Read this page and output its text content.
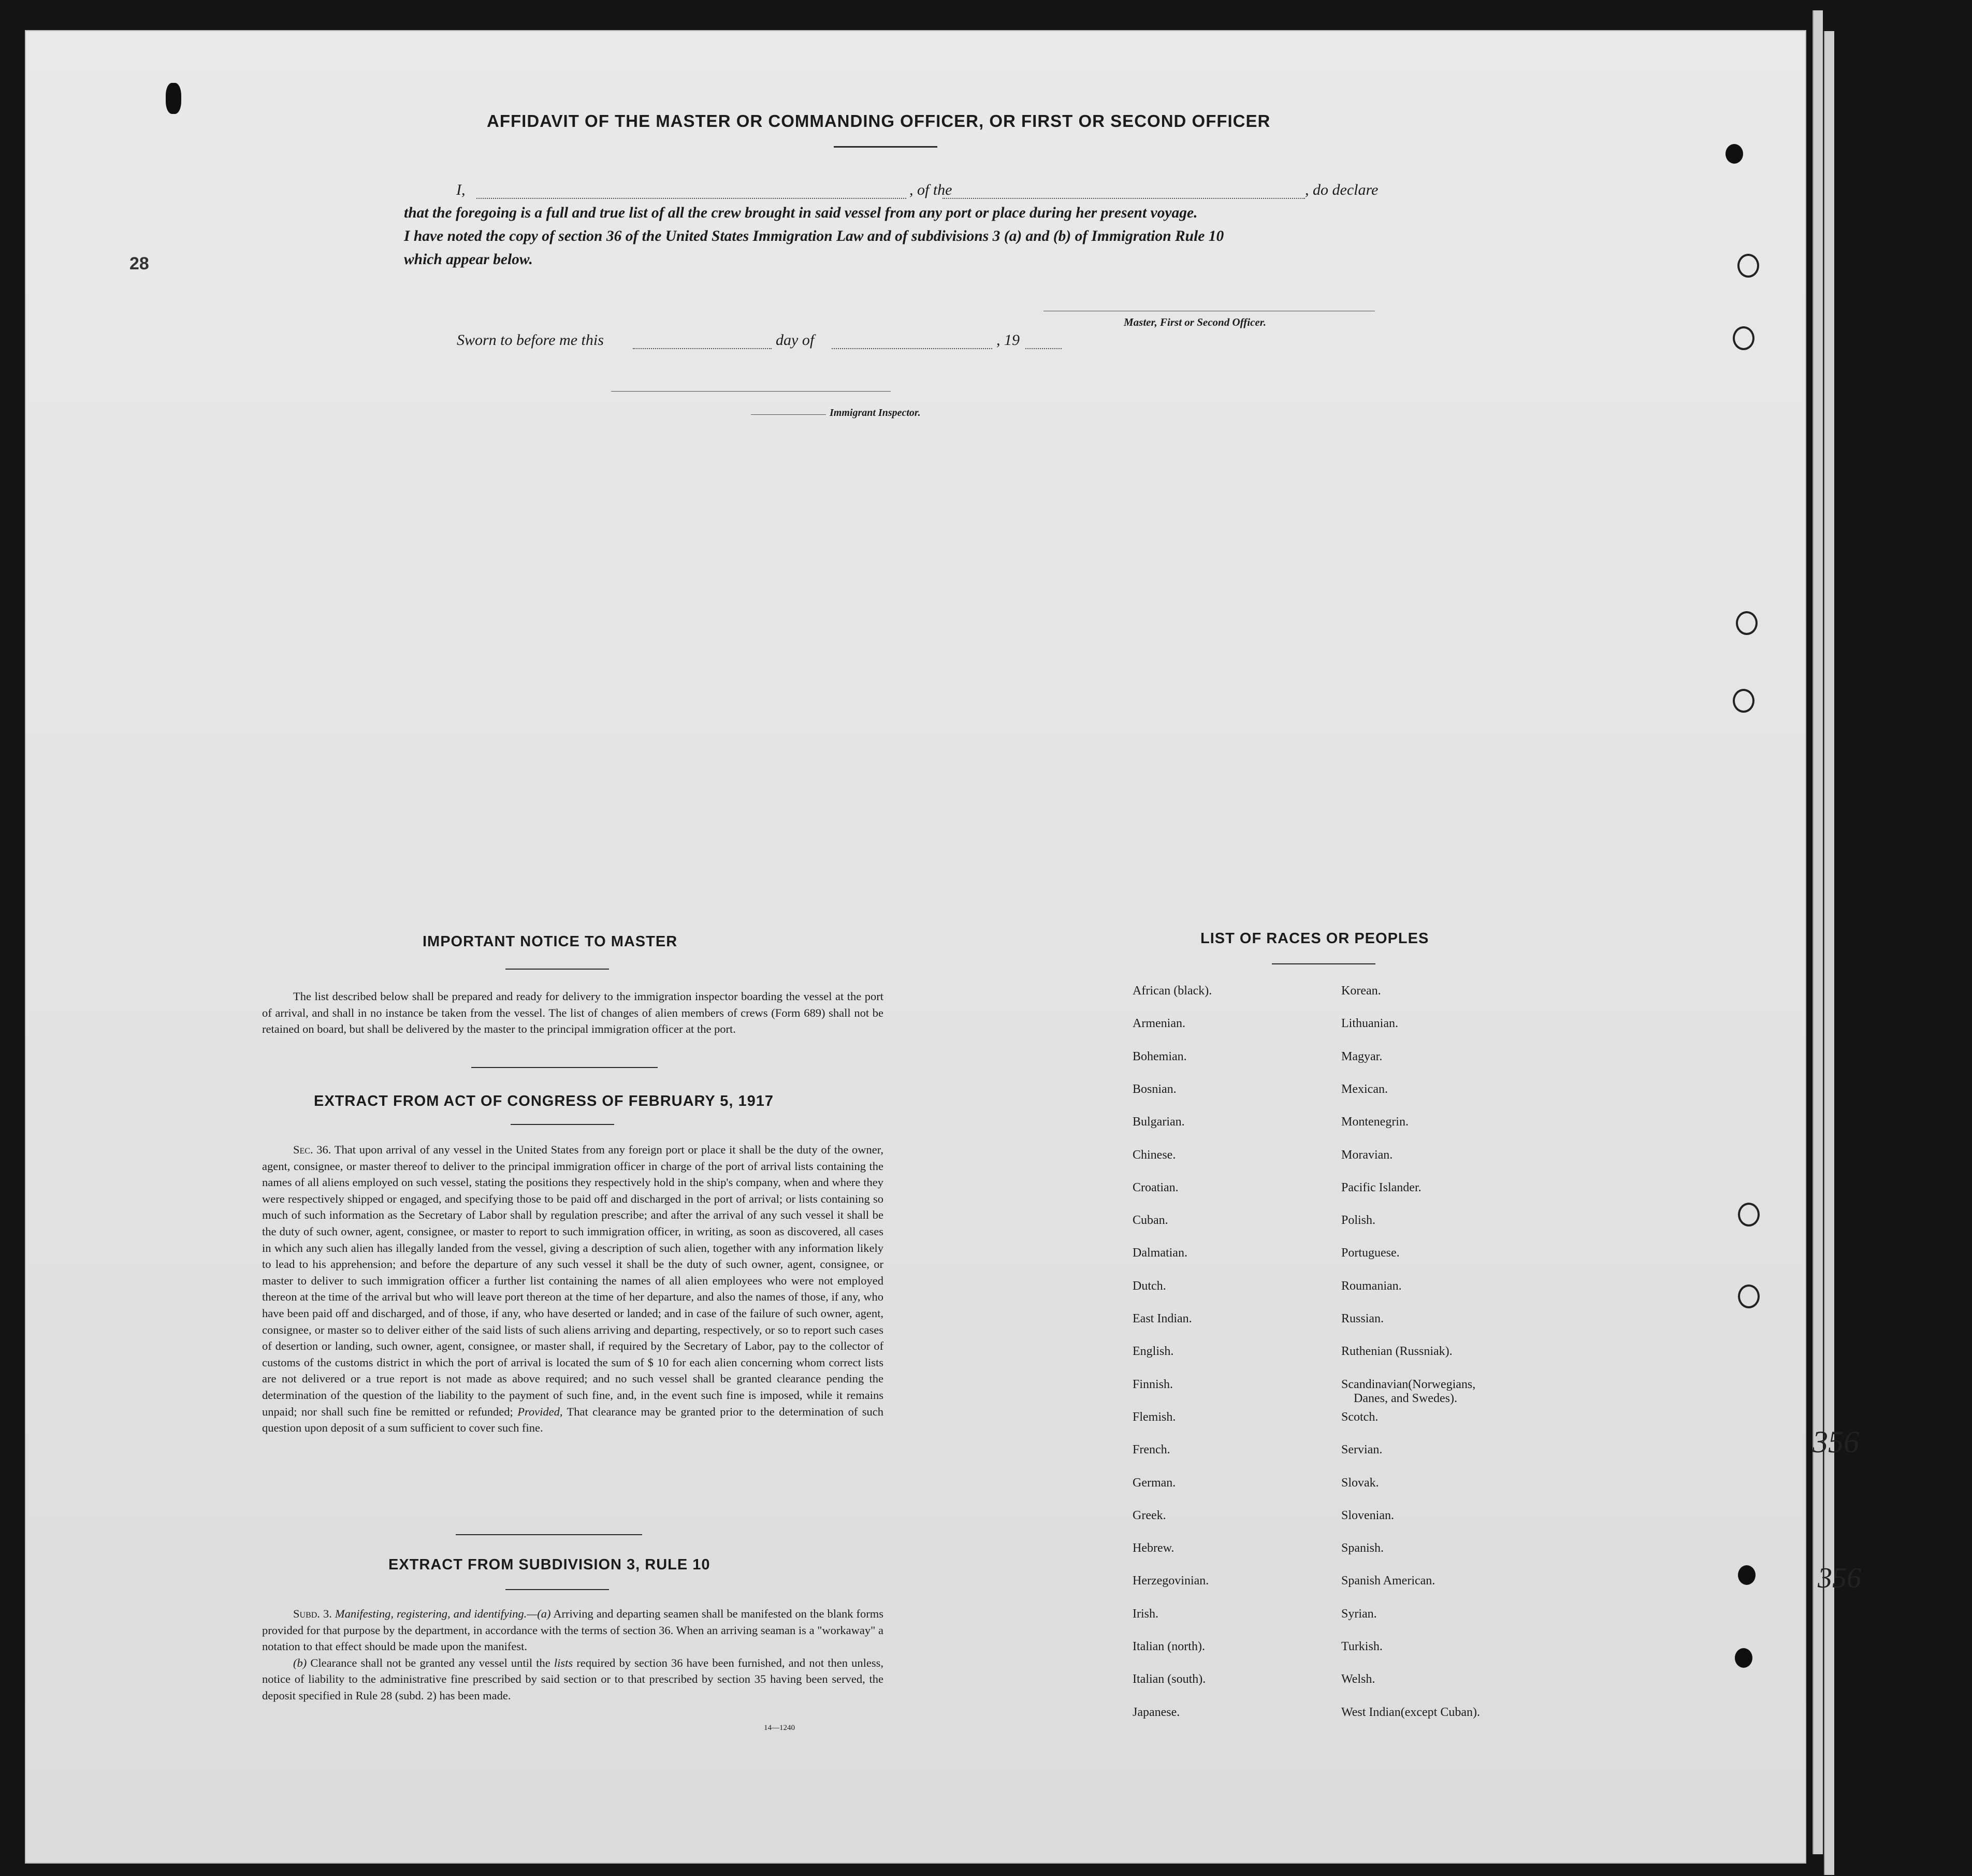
AFFIDAVIT OF THE MASTER OR COMMANDING OFFICER, OR FIRST OR SECOND OFFICER
I,	, of the	, do declare
that the foregoing is a full and true list of all the crew brought in said vessel from any port or place during her present voyage.
I have noted the copy of section 36 of the United States Immigration Law and of subdivisions 3 (a) and (b) of Immigration Rule 10
which appear below.
Master, First or Second Officer.
Sworn to before me this	day of	, 19
Immigrant Inspector.
IMPORTANT NOTICE TO MASTER

The list described below shall be prepared and ready for delivery to the immigration inspector boarding the vessel at the port of arrival, and shall in no instance be taken from the vessel. The list of changes of alien members of crews (Form 689) shall not be retained on board, but shall be delivered by the master to the principal immigration officer at the port.

EXTRACT FROM ACT OF CONGRESS OF FEBRUARY 5, 1917

Sec. 36. That upon arrival of any vessel in the United States from any foreign port or place it shall be the duty of the owner, agent, consignee, or master thereof to deliver to the principal immigration officer in charge of the port of arrival lists containing the names of all aliens employed on such vessel, stating the positions they respectively hold in the ship's company, when and where they were respectively shipped or engaged, and specifying those to be paid off and discharged in the port of arrival; or lists containing so much of such information as the Secretary of Labor shall by regulation prescribe; and after the arrival of any such vessel it shall be the duty of such owner, agent, consignee, or master to report to such immigration officer, in writing, as soon as discovered, all cases in which any such alien has illegally landed from the vessel, giving a description of such alien, together with any information likely to lead to his apprehension; and before the departure of any such vessel it shall be the duty of such owner, agent, consignee, or master to deliver to such immigration officer a further list containing the names of all alien employees who were not employed thereon at the time of the arrival but who will leave port thereon at the time of her departure, and also the names of those, if any, who have been paid off and discharged, and of those, if any, who have deserted or landed; and in case of the failure of such owner, agent, consignee, or master so to deliver either of the said lists of such aliens arriving and departing, respectively, or so to report such cases of desertion or landing, such owner, agent, consignee, or master shall, if required by the Secretary of Labor, pay to the collector of customs of the customs district in which the port of arrival is located the sum of $ 10 for each alien concerning whom correct lists are not delivered or a true report is not made as above required; and no such vessel shall be granted clearance pending the determination of the question of the liability to the payment of such fine, and, in the event such fine is imposed, while it remains unpaid; nor shall such fine be remitted or refunded; Provided, That clearance may be granted prior to the determination of such question upon deposit of a sum sufficient to cover such fine.

EXTRACT FROM SUBDIVISION 3, RULE 10

Subd. 3. Manifesting, registering, and identifying.—(a) Arriving and departing seamen shall be manifested on the blank forms provided for that purpose by the department, in accordance with the terms of section 36. When an arriving seaman is a "workaway" a notation to that effect should be made upon the manifest.

(b) Clearance shall not be granted any vessel until the lists required by section 36 have been furnished, and not then unless, notice of liability to the administrative fine prescribed by said section or to that prescribed by section 35 having been served, the deposit specified in Rule 28 (subd. 2) has been made.

14—1240
LIST OF RACES OR PEOPLES
African (black).
Armenian.
Bohemian.
Bosnian.
Bulgarian.
Chinese.
Croatian.
Cuban.
Dalmatian.
Dutch.
East Indian.
English.
Finnish.
Flemish.
French.
German.
Greek.
Hebrew.
Herzegovinian.
Irish.
Italian (north).
Italian (south).
Japanese.
Korean.
Lithuanian.
Magyar.
Mexican.
Montenegrin.
Moravian.
Pacific Islander.
Polish.
Portuguese.
Roumanian.
Russian.
Ruthenian (Russniak).
Scandinavian(Norwegians,
Scotch.
Servian.
Slovak.
Slovenian.
Spanish.
Spanish American.
Syrian.
Turkish.
Welsh.
West Indian(except Cuban).
Danes, and Swedes).
28
356
356
